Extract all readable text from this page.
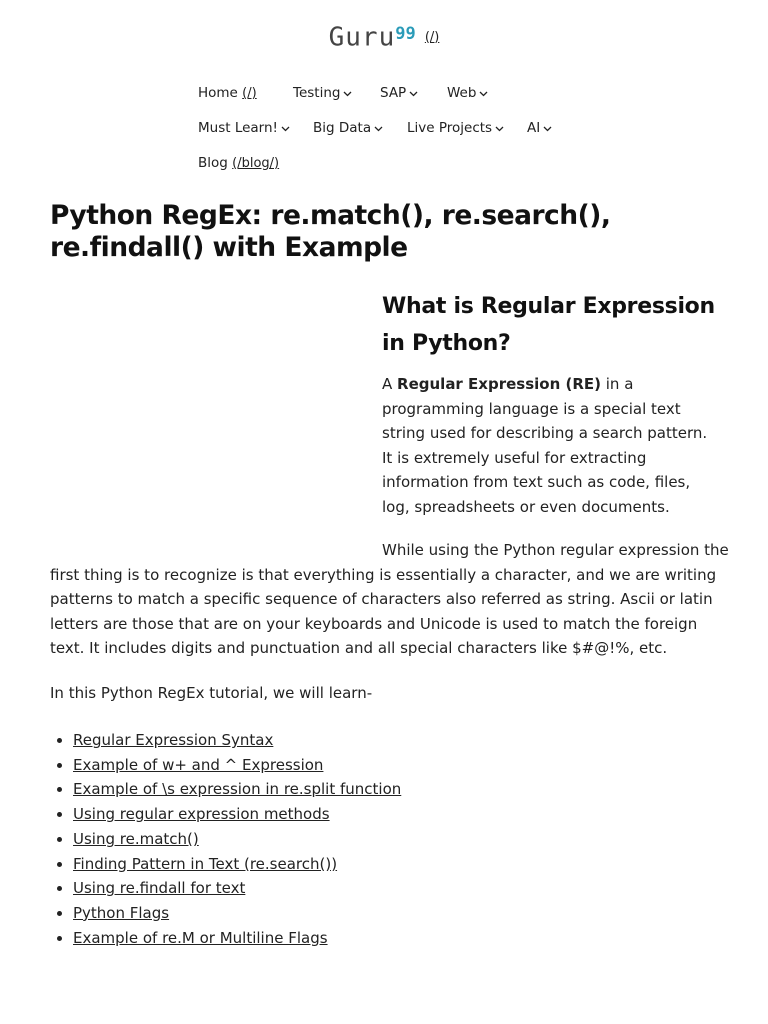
Guru99 (/)
Home (/)	Testing	SAP	Web
Must Learn!	Big Data	Live Projects	AI
Blog (/blog/)
Python RegEx: re.match(), re.search(), re.findall() with Example
What is Regular Expression in Python?
A Regular Expression (RE) in a programming language is a special text string used for describing a search pattern. It is extremely useful for extracting information from text such as code, files, log, spreadsheets or even documents.
While using the Python regular expression the first thing is to recognize is that everything is essentially a character, and we are writing patterns to match a specific sequence of characters also referred as string. Ascii or latin letters are those that are on your keyboards and Unicode is used to match the foreign text. It includes digits and punctuation and all special characters like $#@!%, etc.
In this Python RegEx tutorial, we will learn-
• Regular Expression Syntax
• Example of w+ and ^ Expression
• Example of \s expression in re.split function
• Using regular expression methods
• Using re.match()
• Finding Pattern in Text (re.search())
• Using re.findall for text
• Python Flags
• Example of re.M or Multiline Flags
